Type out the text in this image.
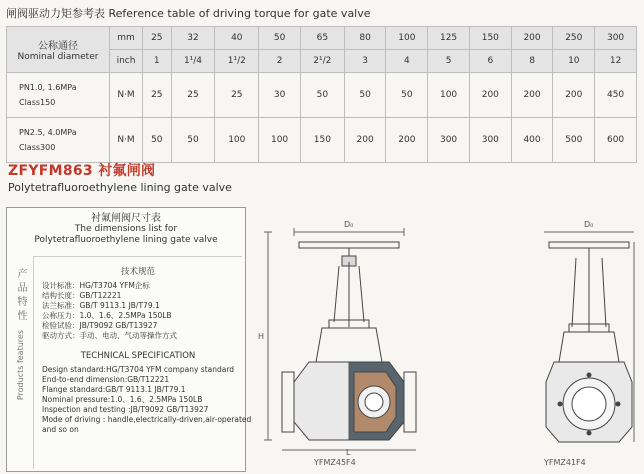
闸阀驱动力矩参考表 Reference table of driving torque for gate valve
公称通径
Nominal diameter	mm	25	32	40	50	65	80	100	125	150	200	250	300
	inch	1	1¹/4	1¹/2	2	2¹/2	3	4	5	6	8	10	12

PN1.0, 1.6MPa
Class150	N·M	25	25	25	30	50	50	50	100	200	200	200	450

PN2.5, 4.0MPa
Class300	N·M	50	50	100	100	150	200	200	300	300	400	500	600
ZFYFM863 衬氟闸阀
Polytetrafluoroethylene lining gate valve
衬氟闸阀尺寸表
The dimensions list for
Polytetrafluoroethylene lining gate valve
产品特性
Products features
技术规范
设计标准：HG/T3704 YFM企标
结构长度：GB/T12221
法兰标准：GB/T 9113.1 JB/T79.1
公称压力：1.0、1.6、2.5MPa 150LB
检验试验：JB/T9092 GB/T13927
驱动方式：手动、电动、气动等操作方式
TECHNICAL SPECIFICATION
Design standard:HG/T3704 YFM company standard
End-to-end dimension:GB/T12221
Flange standard:GB/T 9113.1 JB/T79.1
Nominal pressure:1.0、1.6、2.5MPa 150LB
Inspection and testing :JB/T9092 GB/T13927
Mode of driving : handle,electrically-driven,air-operated
and so on
D₀	D₀
L
H
YFMZ45F4	YFMZ41F4
